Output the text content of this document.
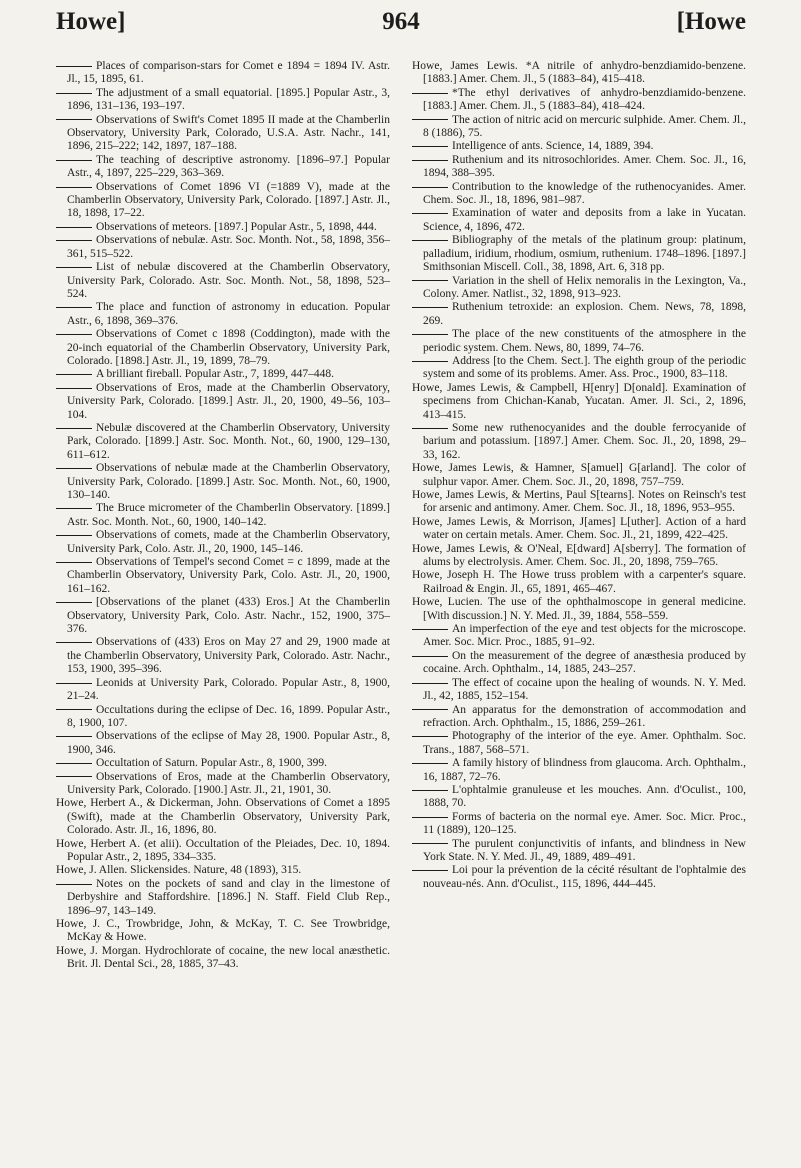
Howe]	964	[Howe

Places of comparison-stars for Comet e 1894 = 1894 IV. Astr. Jl., 15, 1895, 61.

The adjustment of a small equatorial. [1895.] Popular Astr., 3, 1896, 131–136, 193–197.

Observations of Swift's Comet 1895 II made at the Chamberlin Observatory, University Park, Colorado, U.S.A. Astr. Nachr., 141, 1896, 215–222; 142, 1897, 187–188.

The teaching of descriptive astronomy. [1896–97.] Popular Astr., 4, 1897, 225–229, 363–369.

Observations of Comet 1896 VI (=1889 V), made at the Chamberlin Observatory, University Park, Colorado. [1897.] Astr. Jl., 18, 1898, 17–22.

Observations of meteors. [1897.] Popular Astr., 5, 1898, 444.

Observations of nebulæ. Astr. Soc. Month. Not., 58, 1898, 356–361, 515–522.

List of nebulæ discovered at the Chamberlin Observatory, University Park, Colorado. Astr. Soc. Month. Not., 58, 1898, 523–524.

The place and function of astronomy in education. Popular Astr., 6, 1898, 369–376.

Observations of Comet c 1898 (Coddington), made with the 20-inch equatorial of the Chamberlin Observatory, University Park, Colorado. [1898.] Astr. Jl., 19, 1899, 78–79.

A brilliant fireball. Popular Astr., 7, 1899, 447–448.

Observations of Eros, made at the Chamberlin Observatory, University Park, Colorado. [1899.] Astr. Jl., 20, 1900, 49–56, 103–104.

Nebulæ discovered at the Chamberlin Observatory, University Park, Colorado. [1899.] Astr. Soc. Month. Not., 60, 1900, 129–130, 611–612.

Observations of nebulæ made at the Chamberlin Observatory, University Park, Colorado. [1899.] Astr. Soc. Month. Not., 60, 1900, 130–140.

The Bruce micrometer of the Chamberlin Observatory. [1899.] Astr. Soc. Month. Not., 60, 1900, 140–142.

Observations of comets, made at the Chamberlin Observatory, University Park, Colo. Astr. Jl., 20, 1900, 145–146.

Observations of Tempel's second Comet = c 1899, made at the Chamberlin Observatory, University Park, Colo. Astr. Jl., 20, 1900, 161–162.

[Observations of the planet (433) Eros.] At the Chamberlin Observatory, University Park, Colo. Astr. Nachr., 152, 1900, 375–376.

Observations of (433) Eros on May 27 and 29, 1900 made at the Chamberlin Observatory, University Park, Colorado. Astr. Nachr., 153, 1900, 395–396.

Leonids at University Park, Colorado. Popular Astr., 8, 1900, 21–24.

Occultations during the eclipse of Dec. 16, 1899. Popular Astr., 8, 1900, 107.

Observations of the eclipse of May 28, 1900. Popular Astr., 8, 1900, 346.

Occultation of Saturn. Popular Astr., 8, 1900, 399.

Observations of Eros, made at the Chamberlin Observatory, University Park, Colorado. [1900.] Astr. Jl., 21, 1901, 30.

Howe, Herbert A., & Dickerman, John. Observations of Comet a 1895 (Swift), made at the Chamberlin Observatory, University Park, Colorado. Astr. Jl., 16, 1896, 80.

Howe, Herbert A. (et alii). Occultation of the Pleiades, Dec. 10, 1894. Popular Astr., 2, 1895, 334–335.

Howe, J. Allen. Slickensides. Nature, 48 (1893), 315.

Notes on the pockets of sand and clay in the limestone of Derbyshire and Staffordshire. [1896.] N. Staff. Field Club Rep., 1896–97, 143–149.

Howe, J. C., Trowbridge, John, & McKay, T. C. See Trowbridge, McKay & Howe.

Howe, J. Morgan. Hydrochlorate of cocaine, the new local anæsthetic. Brit. Jl. Dental Sci., 28, 1885, 37–43.

Howe, James Lewis. *A nitrile of anhydro-benzdiamido-benzene. [1883.] Amer. Chem. Jl., 5 (1883–84), 415–418.

*The ethyl derivatives of anhydro-benzdiamido-benzene. [1883.] Amer. Chem. Jl., 5 (1883–84), 418–424.

The action of nitric acid on mercuric sulphide. Amer. Chem. Jl., 8 (1886), 75.

Intelligence of ants. Science, 14, 1889, 394.

Ruthenium and its nitrosochlorides. Amer. Chem. Soc. Jl., 16, 1894, 388–395.

Contribution to the knowledge of the ruthenocyanides. Amer. Chem. Soc. Jl., 18, 1896, 981–987.

Examination of water and deposits from a lake in Yucatan. Science, 4, 1896, 472.

Bibliography of the metals of the platinum group: platinum, palladium, iridium, rhodium, osmium, ruthenium. 1748–1896. [1897.] Smithsonian Miscell. Coll., 38, 1898, Art. 6, 318 pp.

Variation in the shell of Helix nemoralis in the Lexington, Va., Colony. Amer. Natlist., 32, 1898, 913–923.

Ruthenium tetroxide: an explosion. Chem. News, 78, 1898, 269.

The place of the new constituents of the atmosphere in the periodic system. Chem. News, 80, 1899, 74–76.

Address [to the Chem. Sect.]. The eighth group of the periodic system and some of its problems. Amer. Ass. Proc., 1900, 83–118.

Howe, James Lewis, & Campbell, H[enry] D[onald]. Examination of specimens from Chichan-Kanab, Yucatan. Amer. Jl. Sci., 2, 1896, 413–415.

Some new ruthenocyanides and the double ferrocyanide of barium and potassium. [1897.] Amer. Chem. Soc. Jl., 20, 1898, 29–33, 162.

Howe, James Lewis, & Hamner, S[amuel] G[arland]. The color of sulphur vapor. Amer. Chem. Soc. Jl., 20, 1898, 757–759.

Howe, James Lewis, & Mertins, Paul S[tearns]. Notes on Reinsch's test for arsenic and antimony. Amer. Chem. Soc. Jl., 18, 1896, 953–955.

Howe, James Lewis, & Morrison, J[ames] L[uther]. Action of a hard water on certain metals. Amer. Chem. Soc. Jl., 21, 1899, 422–425.

Howe, James Lewis, & O'Neal, E[dward] A[sberry]. The formation of alums by electrolysis. Amer. Chem. Soc. Jl., 20, 1898, 759–765.

Howe, Joseph H. The Howe truss problem with a carpenter's square. Railroad & Engin. Jl., 65, 1891, 465–467.

Howe, Lucien. The use of the ophthalmoscope in general medicine. [With discussion.] N. Y. Med. Jl., 39, 1884, 558–559.

An imperfection of the eye and test objects for the microscope. Amer. Soc. Micr. Proc., 1885, 91–92.

On the measurement of the degree of anæsthesia produced by cocaine. Arch. Ophthalm., 14, 1885, 243–257.

The effect of cocaine upon the healing of wounds. N. Y. Med. Jl., 42, 1885, 152–154.

An apparatus for the demonstration of accommodation and refraction. Arch. Ophthalm., 15, 1886, 259–261.

Photography of the interior of the eye. Amer. Ophthalm. Soc. Trans., 1887, 568–571.

A family history of blindness from glaucoma. Arch. Ophthalm., 16, 1887, 72–76.

L'ophtalmie granuleuse et les mouches. Ann. d'Oculist., 100, 1888, 70.

Forms of bacteria on the normal eye. Amer. Soc. Micr. Proc., 11 (1889), 120–125.

The purulent conjunctivitis of infants, and blindness in New York State. N. Y. Med. Jl., 49, 1889, 489–491.

Loi pour la prévention de la cécité résultant de l'ophtalmie des nouveau-nés. Ann. d'Oculist., 115, 1896, 444–445.
